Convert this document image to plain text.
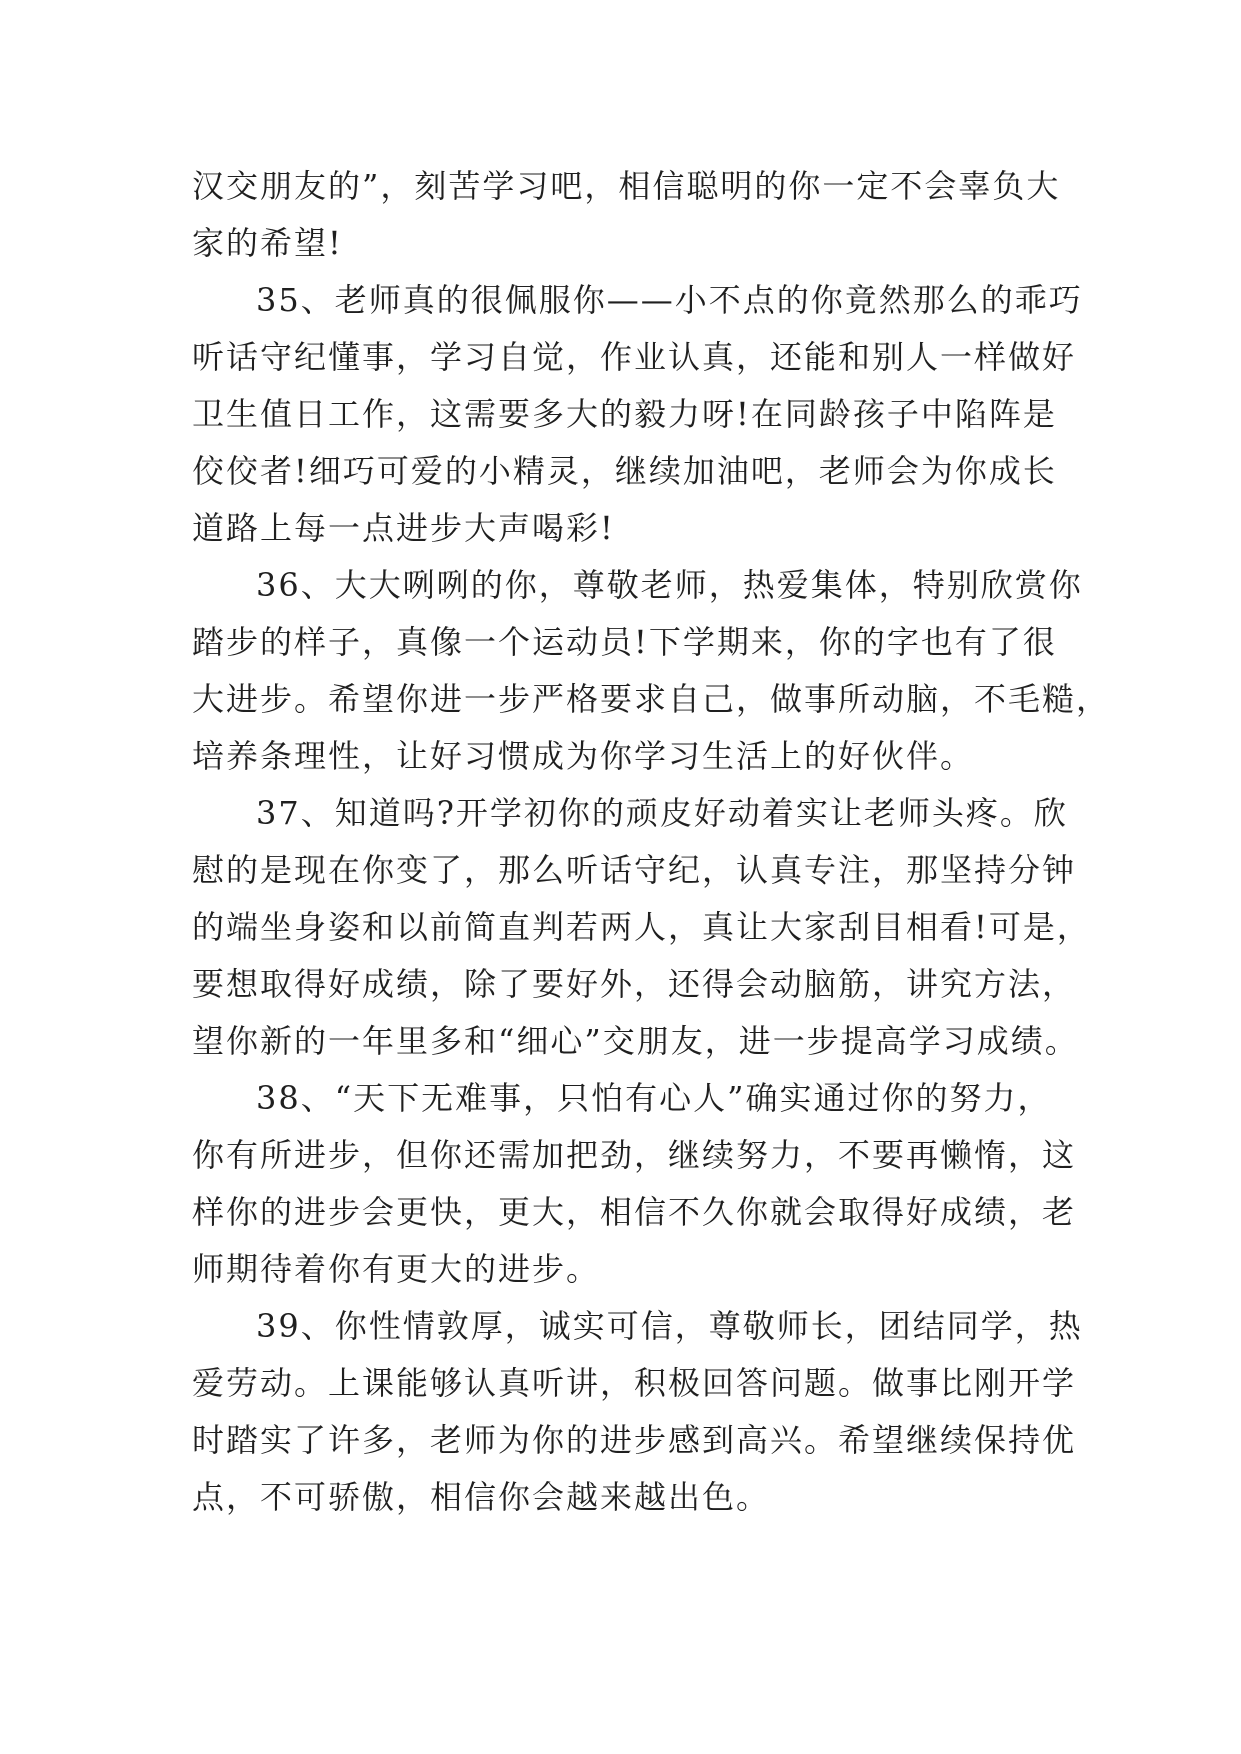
汉交朋友的”，刻苦学习吧，相信聪明的你一定不会辜负大
家的希望!
35、老师真的很佩服你——小不点的你竟然那么的乖巧
听话守纪懂事，学习自觉，作业认真，还能和别人一样做好
卫生值日工作，这需要多大的毅力呀!在同龄孩子中陷阵是
佼佼者!细巧可爱的小精灵，继续加油吧，老师会为你成长
道路上每一点进步大声喝彩!
36、大大咧咧的你，尊敬老师，热爱集体，特别欣赏你
踏步的样子，真像一个运动员!下学期来，你的字也有了很
大进步。希望你进一步严格要求自己，做事所动脑，不毛糙，
培养条理性，让好习惯成为你学习生活上的好伙伴。
37、知道吗?开学初你的顽皮好动着实让老师头疼。欣
慰的是现在你变了，那么听话守纪，认真专注，那坚持分钟
的端坐身姿和以前简直判若两人，真让大家刮目相看!可是，
要想取得好成绩，除了要好外，还得会动脑筋，讲究方法，
望你新的一年里多和“细心”交朋友，进一步提高学习成绩。
38、“天下无难事，只怕有心人”确实通过你的努力，
你有所进步，但你还需加把劲，继续努力，不要再懒惰，这
样你的进步会更快，更大，相信不久你就会取得好成绩，老
师期待着你有更大的进步。
39、你性情敦厚，诚实可信，尊敬师长，团结同学，热
爱劳动。上课能够认真听讲，积极回答问题。做事比刚开学
时踏实了许多，老师为你的进步感到高兴。希望继续保持优
点，不可骄傲，相信你会越来越出色。
